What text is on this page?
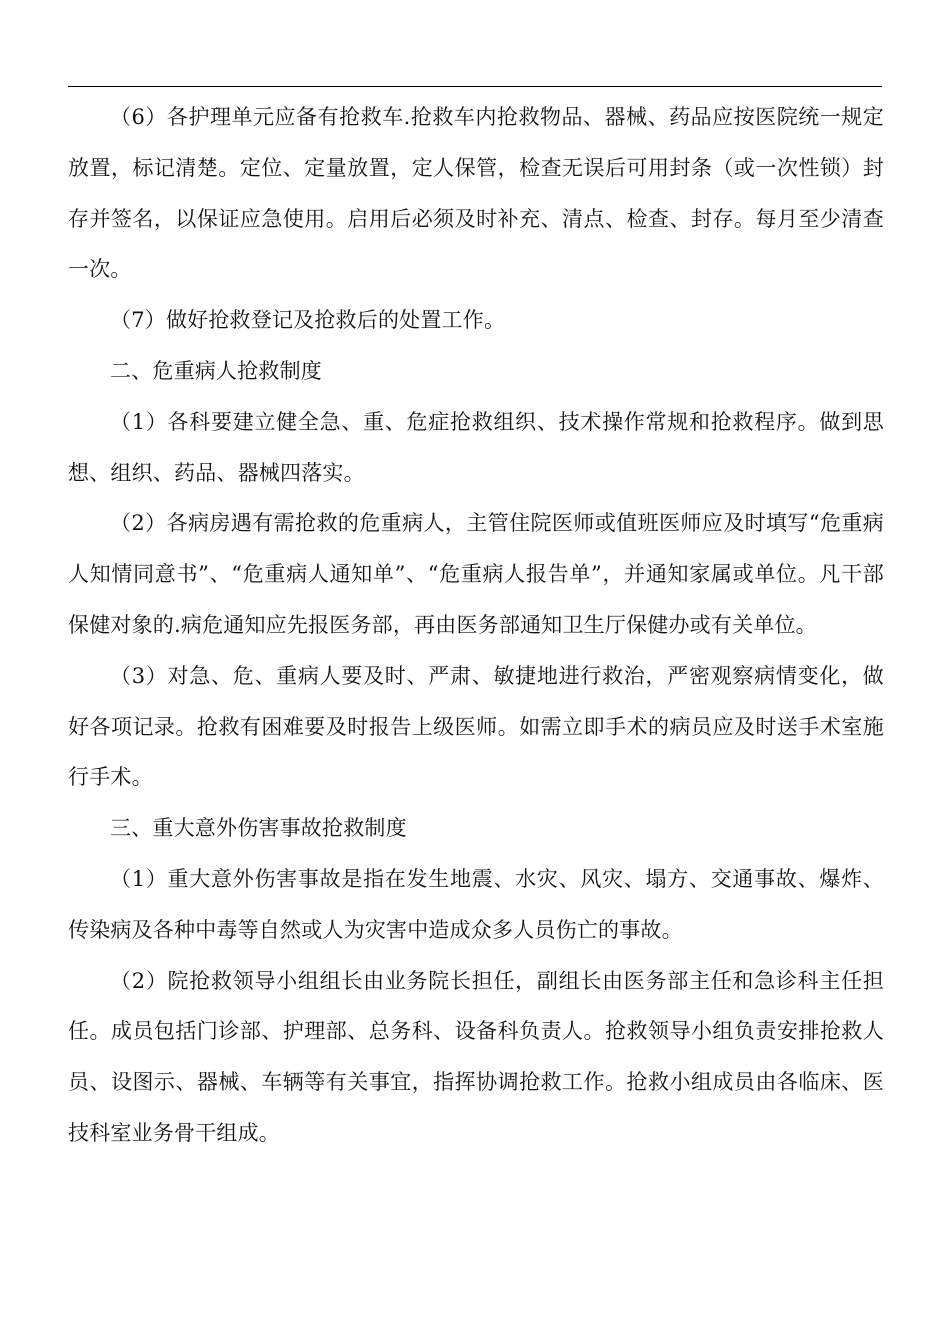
（6）各护理单元应备有抢救车.抢救车内抢救物品、器械、药品应按医院统一规定放置，标记清楚。定位、定量放置，定人保管，检查无误后可用封条（或一次性锁）封存并签名，以保证应急使用。启用后必须及时补充、清点、检查、封存。每月至少清查一次。

（7）做好抢救登记及抢救后的处置工作。

二、危重病人抢救制度

（1）各科要建立健全急、重、危症抢救组织、技术操作常规和抢救程序。做到思想、组织、药品、器械四落实。

（2）各病房遇有需抢救的危重病人，主管住院医师或值班医师应及时填写“危重病人知情同意书”、“危重病人通知单”、“危重病人报告单”，并通知家属或单位。凡干部保健对象的.病危通知应先报医务部，再由医务部通知卫生厅保健办或有关单位。

（3）对急、危、重病人要及时、严肃、敏捷地进行救治，严密观察病情变化，做好各项记录。抢救有困难要及时报告上级医师。如需立即手术的病员应及时送手术室施行手术。

三、重大意外伤害事故抢救制度

（1）重大意外伤害事故是指在发生地震、水灾、风灾、塌方、交通事故、爆炸、传染病及各种中毒等自然或人为灾害中造成众多人员伤亡的事故。

（2）院抢救领导小组组长由业务院长担任，副组长由医务部主任和急诊科主任担任。成员包括门诊部、护理部、总务科、设备科负责人。抢救领导小组负责安排抢救人员、设图示、器械、车辆等有关事宜，指挥协调抢救工作。抢救小组成员由各临床、医技科室业务骨干组成。
